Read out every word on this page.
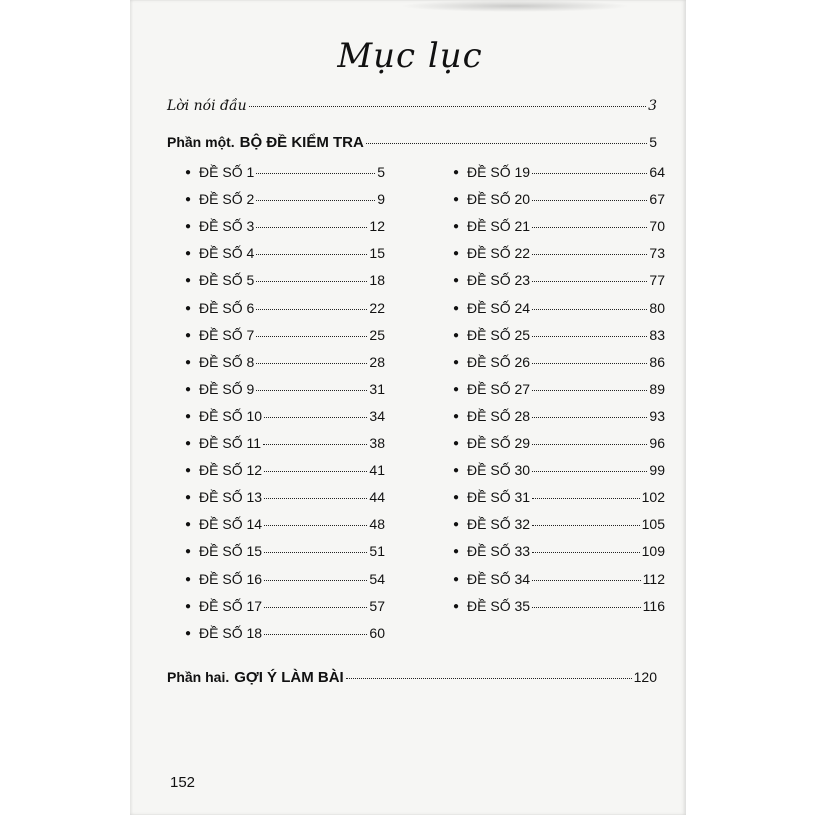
Mục lục
Lời nói đầu	3
Phần một. BỘ ĐỀ KIỂM TRA	5
● ĐỀ SỐ 1	5
● ĐỀ SỐ 2	9
● ĐỀ SỐ 3	12
● ĐỀ SỐ 4	15
● ĐỀ SỐ 5	18
● ĐỀ SỐ 6	22
● ĐỀ SỐ 7	25
● ĐỀ SỐ 8	28
● ĐỀ SỐ 9	31
● ĐỀ SỐ 10	34
● ĐỀ SỐ 11	38
● ĐỀ SỐ 12	41
● ĐỀ SỐ 13	44
● ĐỀ SỐ 14	48
● ĐỀ SỐ 15	51
● ĐỀ SỐ 16	54
● ĐỀ SỐ 17	57
● ĐỀ SỐ 18	60
● ĐỀ SỐ 19	64
● ĐỀ SỐ 20	67
● ĐỀ SỐ 21	70
● ĐỀ SỐ 22	73
● ĐỀ SỐ 23	77
● ĐỀ SỐ 24	80
● ĐỀ SỐ 25	83
● ĐỀ SỐ 26	86
● ĐỀ SỐ 27	89
● ĐỀ SỐ 28	93
● ĐỀ SỐ 29	96
● ĐỀ SỐ 30	99
● ĐỀ SỐ 31	102
● ĐỀ SỐ 32	105
● ĐỀ SỐ 33	109
● ĐỀ SỐ 34	112
● ĐỀ SỐ 35	116
Phần hai. GỢI Ý LÀM BÀI	120
152
